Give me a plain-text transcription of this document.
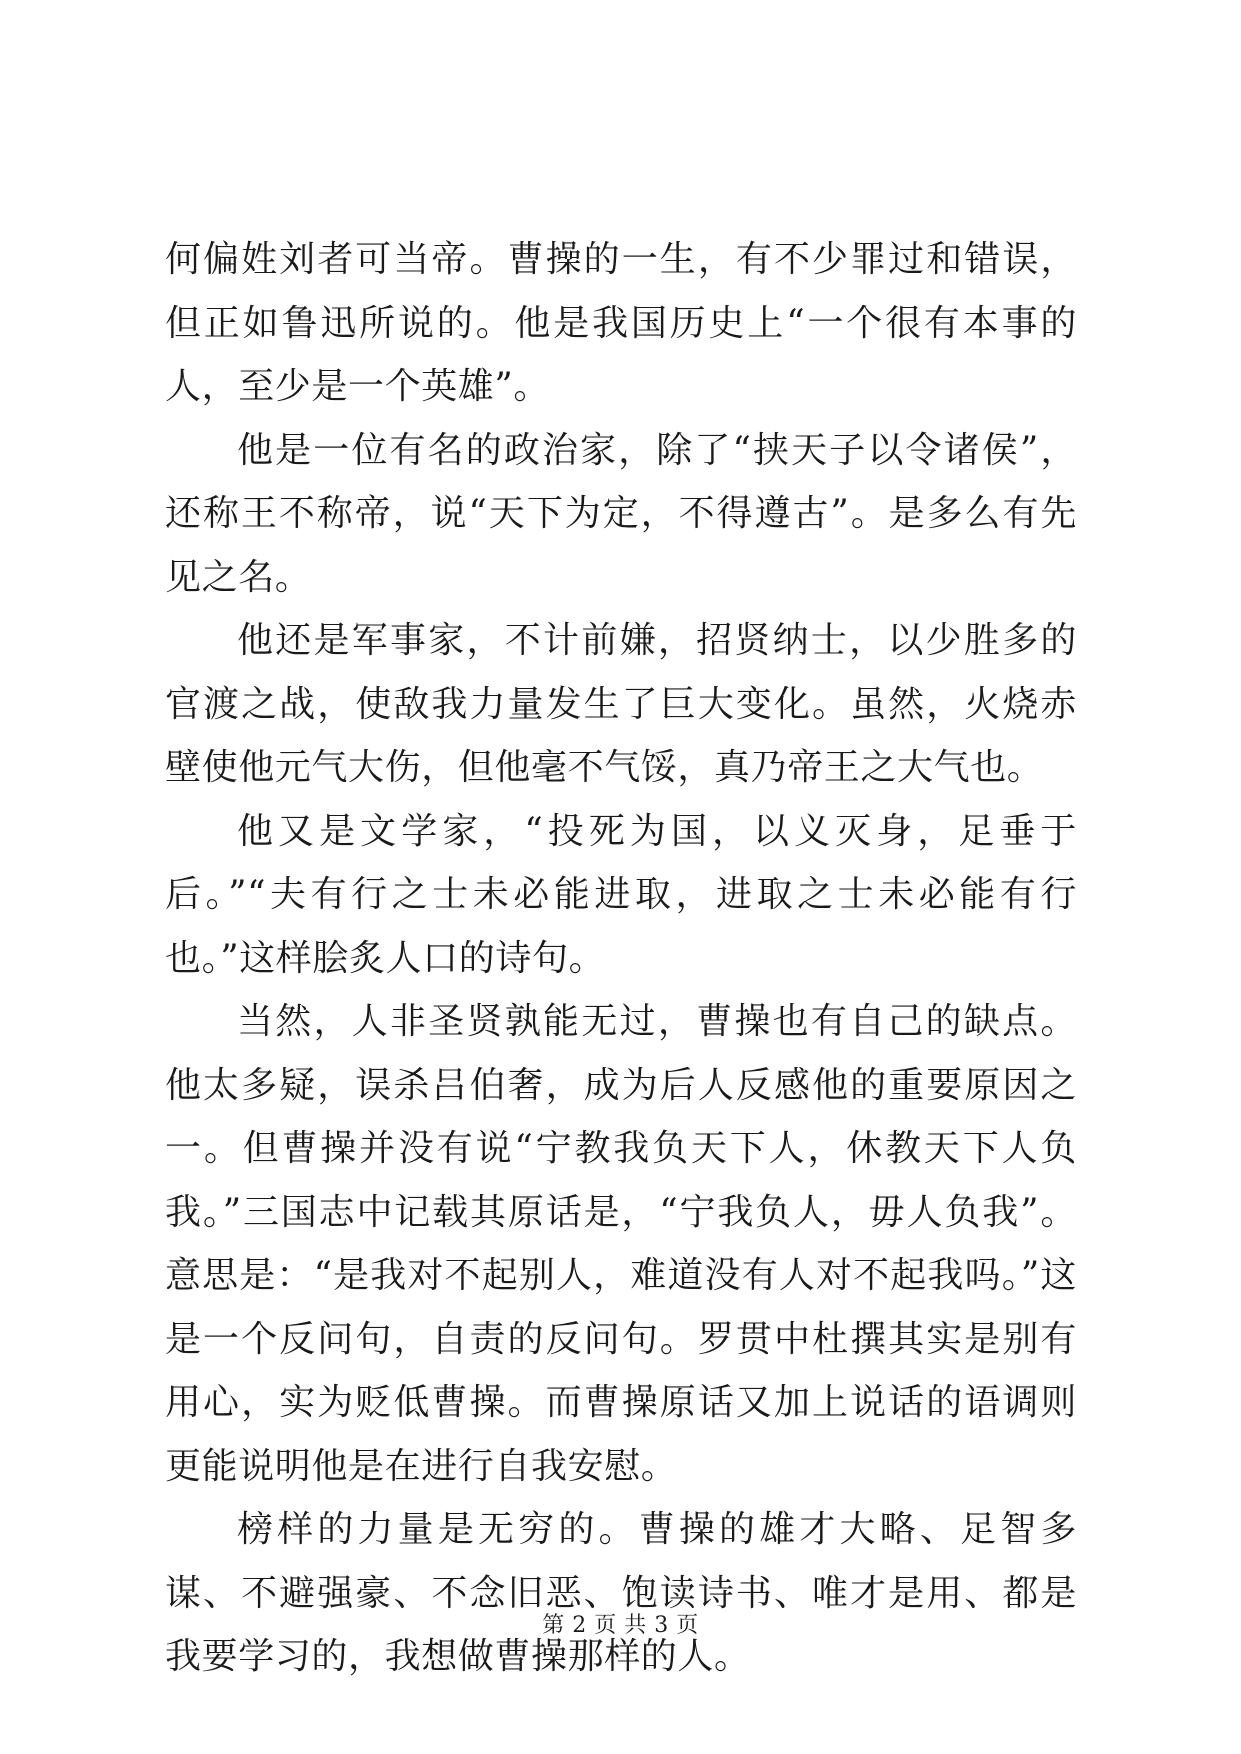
何偏姓刘者可当帝。曹操的一生，有不少罪过和错误，但正如鲁迅所说的。他是我国历史上“一个很有本事的人，至少是一个英雄”。

他是一位有名的政治家，除了“挟天子以令诸侯”，还称王不称帝，说“天下为定，不得遵古”。是多么有先见之名。

他还是军事家，不计前嫌，招贤纳士，以少胜多的官渡之战，使敌我力量发生了巨大变化。虽然，火烧赤壁使他元气大伤，但他毫不气馁，真乃帝王之大气也。

他又是文学家，“投死为国，以义灭身，足垂于后。”“夫有行之士未必能进取，进取之士未必能有行也。”这样脍炙人口的诗句。

当然，人非圣贤孰能无过，曹操也有自己的缺点。他太多疑，误杀吕伯奢，成为后人反感他的重要原因之一。但曹操并没有说“宁教我负天下人，休教天下人负我。”三国志中记载其原话是，“宁我负人，毋人负我”。意思是：“是我对不起别人，难道没有人对不起我吗。”这是一个反问句，自责的反问句。罗贯中杜撰其实是别有用心，实为贬低曹操。而曹操原话又加上说话的语调则更能说明他是在进行自我安慰。

榜样的力量是无穷的。曹操的雄才大略、足智多谋、不避强豪、不念旧恶、饱读诗书、唯才是用、都是我要学习的，我想做曹操那样的人。

第 2 页 共 3 页
